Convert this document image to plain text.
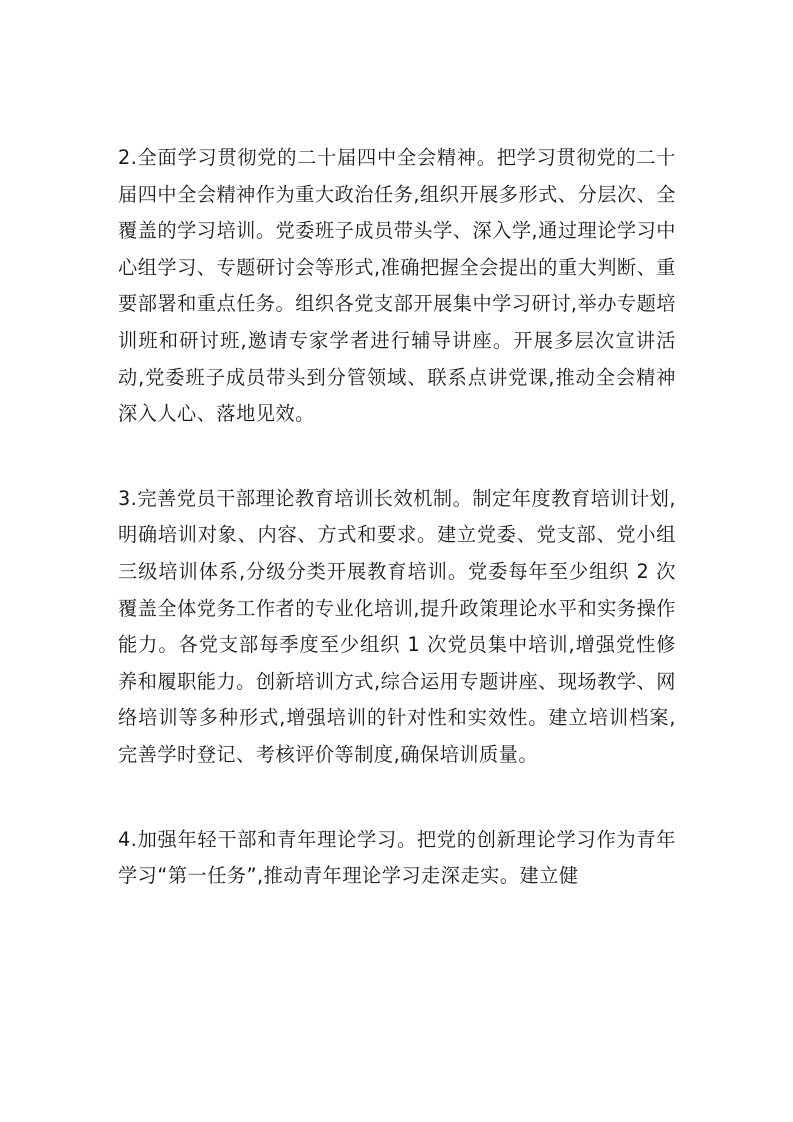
2.全面学习贯彻党的二十届四中全会精神。把学习贯彻党的二十届四中全会精神作为重大政治任务,组织开展多形式、分层次、全覆盖的学习培训。党委班子成员带头学、深入学,通过理论学习中心组学习、专题研讨会等形式,准确把握全会提出的重大判断、重要部署和重点任务。组织各党支部开展集中学习研讨,举办专题培训班和研讨班,邀请专家学者进行辅导讲座。开展多层次宣讲活动,党委班子成员带头到分管领域、联系点讲党课,推动全会精神深入人心、落地见效。

3.完善党员干部理论教育培训长效机制。制定年度教育培训计划,明确培训对象、内容、方式和要求。建立党委、党支部、党小组三级培训体系,分级分类开展教育培训。党委每年至少组织 2 次覆盖全体党务工作者的专业化培训,提升政策理论水平和实务操作能力。各党支部每季度至少组织 1 次党员集中培训,增强党性修养和履职能力。创新培训方式,综合运用专题讲座、现场教学、网络培训等多种形式,增强培训的针对性和实效性。建立培训档案,完善学时登记、考核评价等制度,确保培训质量。

4.加强年轻干部和青年理论学习。把党的创新理论学习作为青年学习“第一任务”,推动青年理论学习走深走实。建立健
